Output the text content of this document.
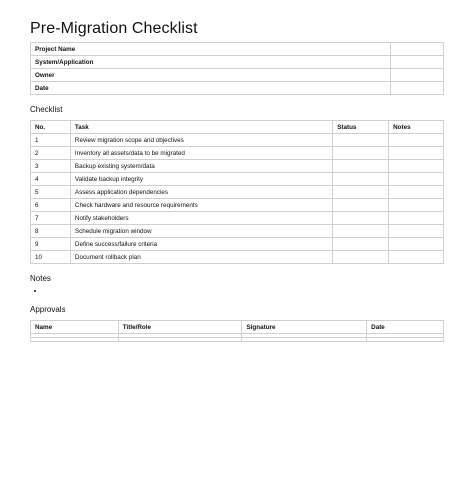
Pre-Migration Checklist
Project Name	
System/Application	
Owner	
Date	
Checklist
No.	Task	Status	Notes
1	Review migration scope and objectives		
2	Inventory all assets/data to be migrated		
3	Backup existing system/data		
4	Validate backup integrity		
5	Assess application dependencies		
6	Check hardware and resource requirements		
7	Notify stakeholders		
8	Schedule migration window		
9	Define success/failure criteria		
10	Document rollback plan		
Notes
Approvals
Name	Title/Role	Signature	Date
